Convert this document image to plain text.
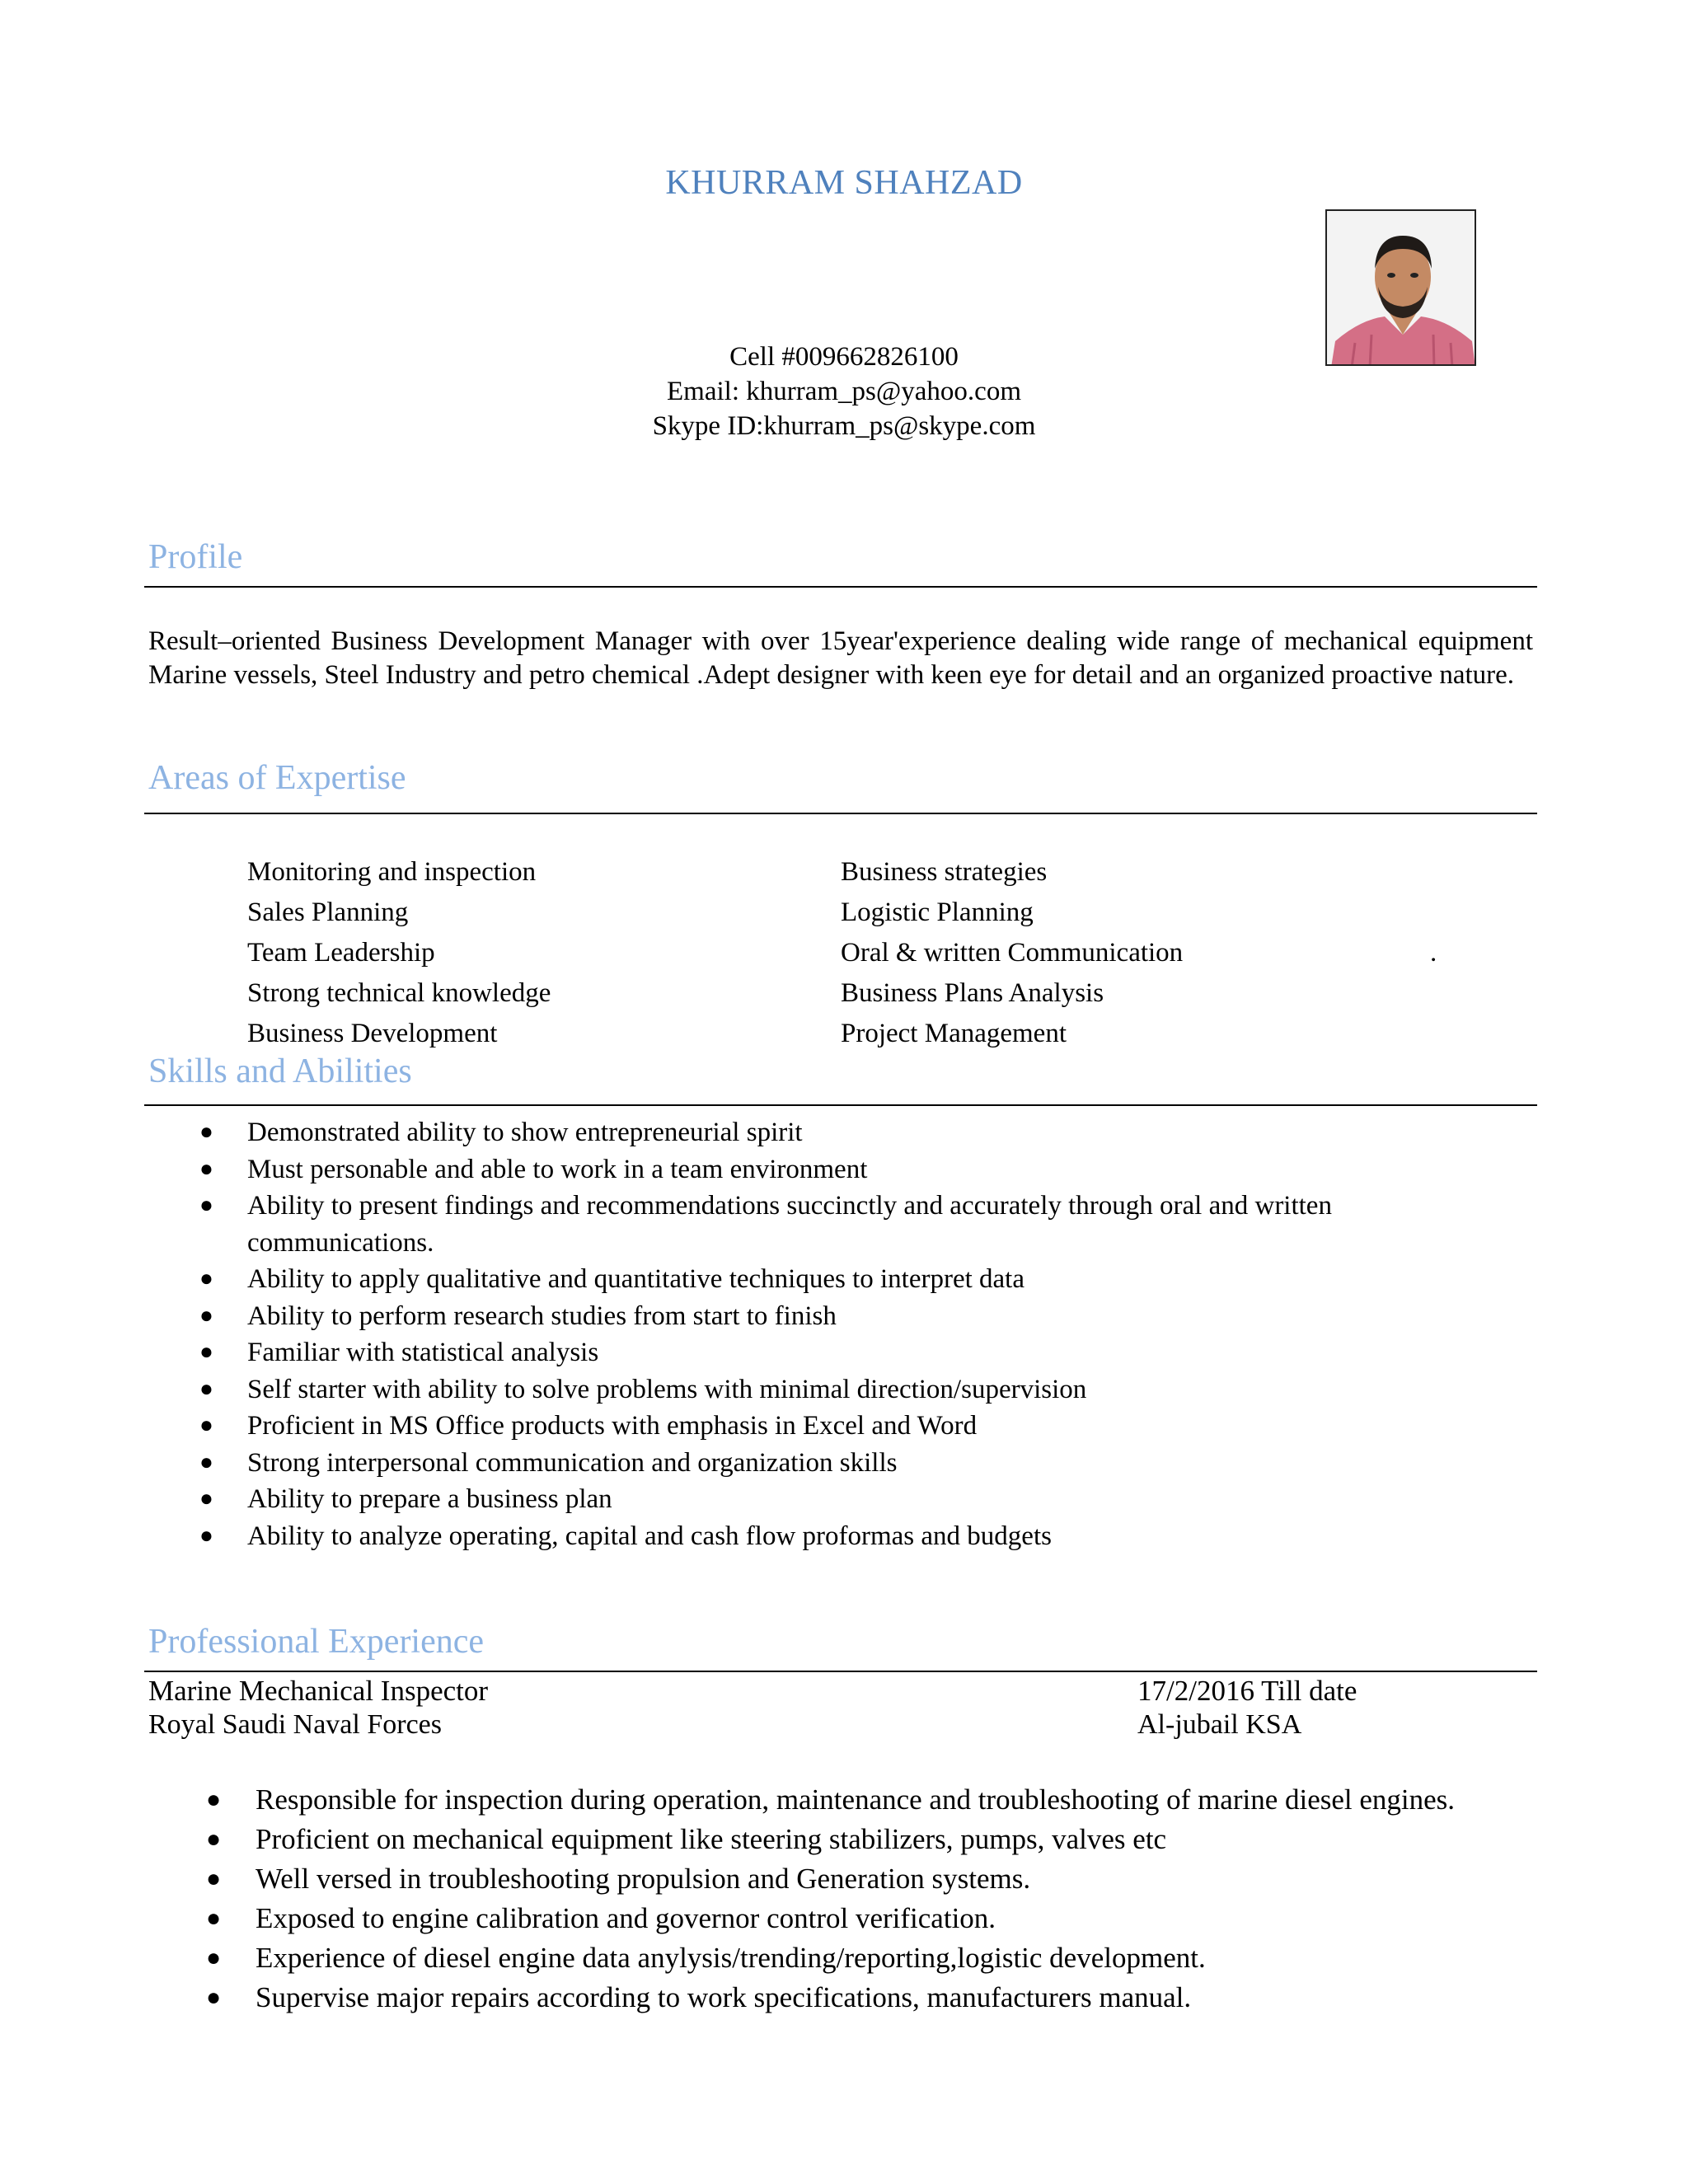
KHURRAM SHAHZAD
Cell #009662826100
Email: khurram_ps@yahoo.com
Skype ID:khurram_ps@skype.com
Profile
Result–oriented Business Development Manager with over 15year'experience dealing wide range of mechanical equipment Marine vessels, Steel Industry and petro chemical .Adept designer with keen eye for detail and an organized proactive nature.
Areas of Expertise
Monitoring and inspection	Business strategies
Sales Planning	Logistic Planning
Team Leadership	Oral & written Communication	.
Strong technical knowledge	Business Plans Analysis
Business Development	Project Management
Skills and Abilities
● Demonstrated ability to show entrepreneurial spirit
● Must personable and able to work in a team environment
● Ability to present findings and recommendations succinctly and accurately through oral and written communications.
● Ability to apply qualitative and quantitative techniques to interpret data
● Ability to perform research studies from start to finish
● Familiar with statistical analysis
● Self starter with ability to solve problems with minimal direction/supervision
● Proficient in MS Office products with emphasis in Excel and Word
● Strong interpersonal communication and organization skills
● Ability to prepare a business plan
● Ability to analyze operating, capital and cash flow proformas and budgets
Professional Experience
Marine Mechanical Inspector	17/2/2016 Till date
Royal Saudi Naval Forces	Al-jubail KSA
● Responsible for inspection during operation, maintenance and troubleshooting of marine diesel engines.
● Proficient on mechanical equipment like steering stabilizers, pumps, valves etc
● Well versed in troubleshooting propulsion and Generation systems.
● Exposed to engine calibration and governor control verification.
● Experience of diesel engine data anylysis/trending/reporting,logistic development.
● Supervise major repairs according to work specifications, manufacturers manual.
